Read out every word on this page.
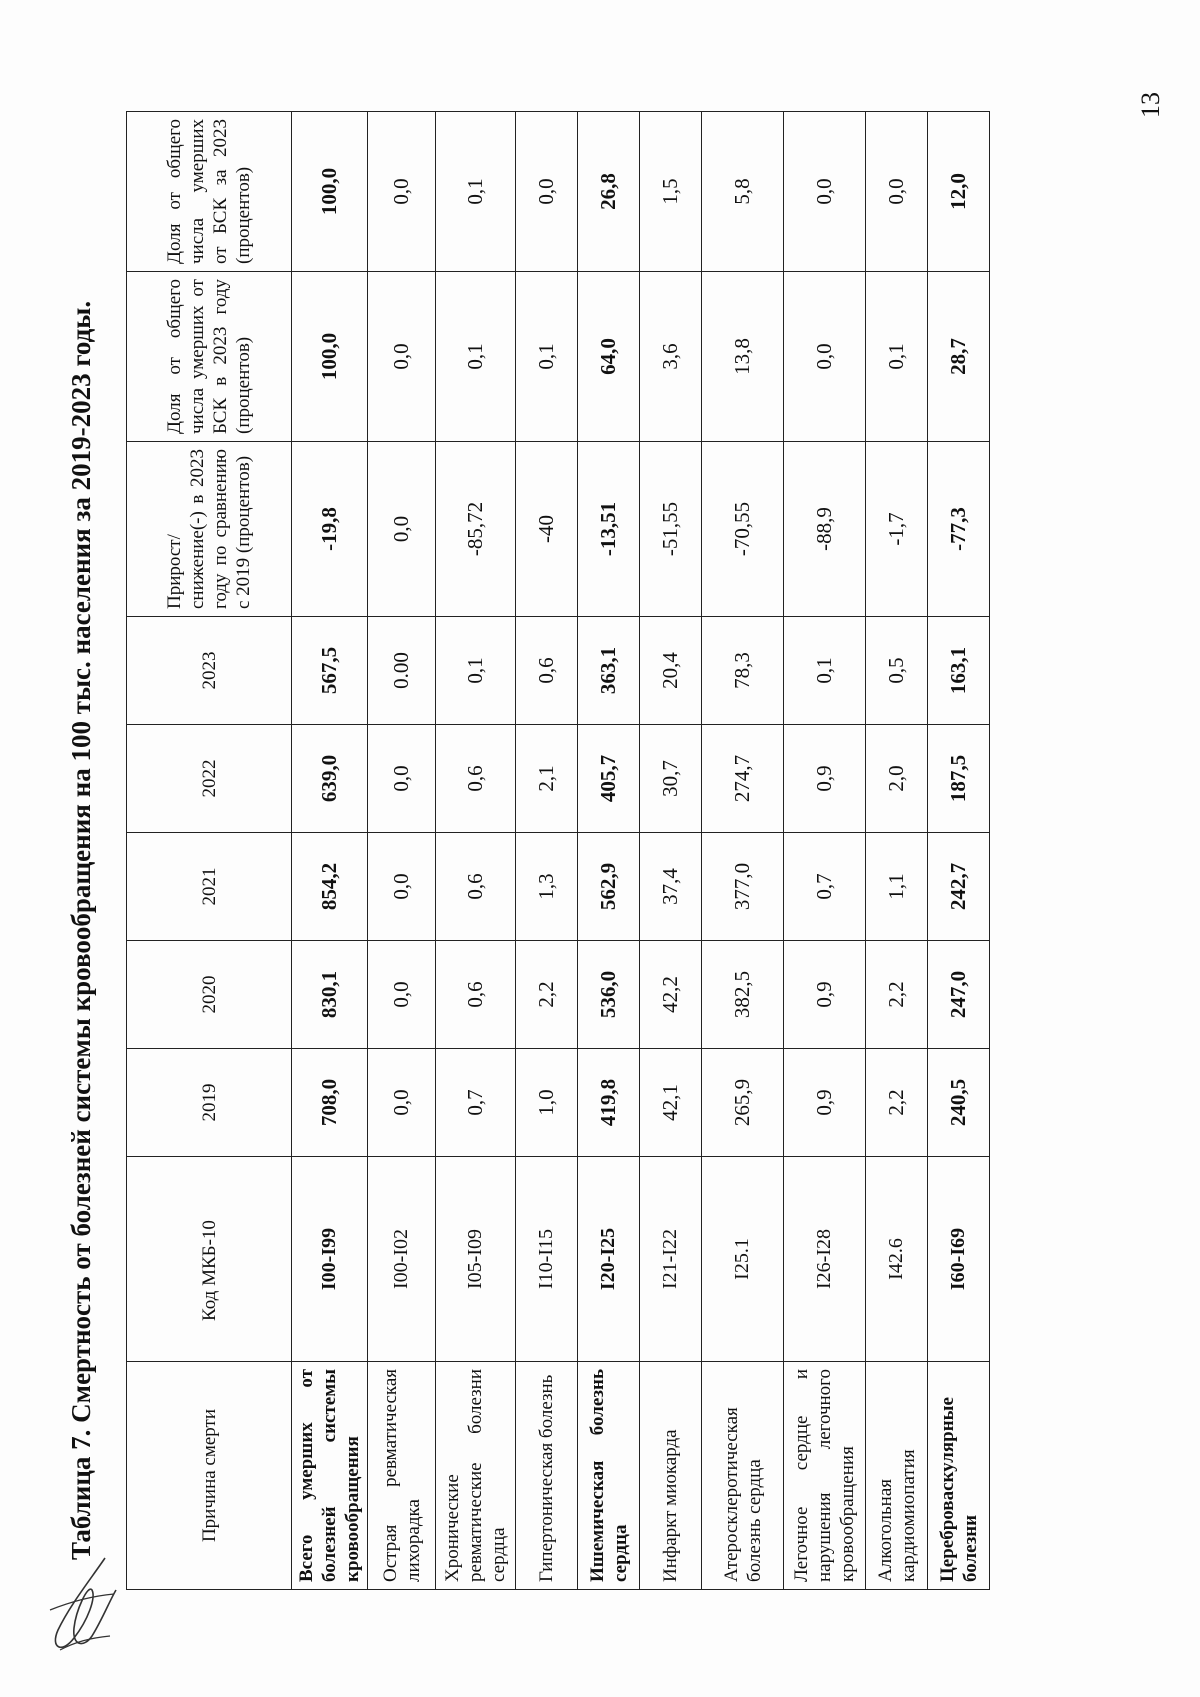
13
Таблица 7. Смертность от болезней системы кровообращения на 100 тыс. населения за 2019-2023 годы.	Причина смерти	Код МКБ-10	2019	2020	2021	2022	2023	Прирост/ снижение(-) в 2023 году по сравнению с 2019 (процентов)	Доля от общего числа умерших от БСК в 2023 году (процентов)	Доля от общего числа умерших от БСК за 2023 (процентов)
Всего умерших от болезней системы кровообращения	I00-I99	708,0	830,1	854,2	639,0	567,5	-19,8	100,0	100,0
Острая ревматическая лихорадка	I00-I02	0,0	0,0	0,0	0,0	0.00	0,0	0,0	0,0
Хронические ревматические болезни сердца	I05-I09	0,7	0,6	0,6	0,6	0,1	-85,72	0,1	0,1
Гипертоническая болезнь	I10-I15	1,0	2,2	1,3	2,1	0,6	-40	0,1	0,0
Ишемическая болезнь сердца	I20-I25	419,8	536,0	562,9	405,7	363,1	-13,51	64,0	26,8
Инфаркт миокарда	I21-I22	42,1	42,2	37,4	30,7	20,4	-51,55	3,6	1,5
Атеросклеротическая болезнь сердца	I25.1	265,9	382,5	377,0	274,7	78,3	-70,55	13,8	5,8
Легочное сердце и нарушения легочного кровообращения	I26-I28	0,9	0,9	0,7	0,9	0,1	-88,9	0,0	0,0
Алкогольная кардиомиопатия	I42.6	2,2	2,2	1,1	2,0	0,5	-1,7	0,1	0,0
Цереброваскулярные болезни	I60-I69	240,5	247,0	242,7	187,5	163,1	-77,3	28,7	12,0
